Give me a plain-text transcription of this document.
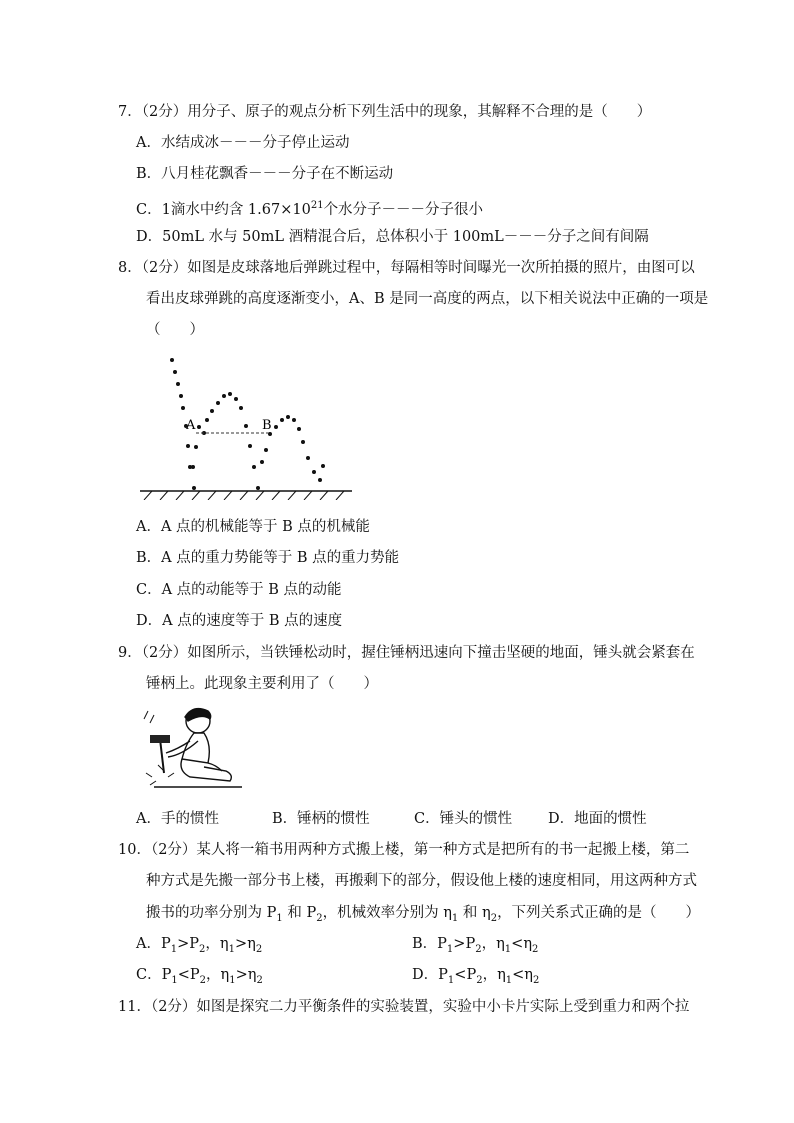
7．（2分）用分子、原子的观点分析下列生活中的现象，其解释不合理的是（　　）
A．水结成冰－－－分子停止运动
B．八月桂花飘香－－－分子在不断运动
C．1滴水中约含 $1.67\times 10^{21}$个水分子－－－分子很小
D．50mL 水与 50mL 酒精混合后，总体积小于 100mL－－－分子之间有间隔
8．（2分）如图是皮球落地后弹跳过程中，每隔相等时间曝光一次所拍摄的照片，由图可以
看出皮球弹跳的高度逐渐变小，A、B 是同一高度的两点，以下相关说法中正确的一项是
（　　）
A	B
A．A 点的机械能等于 B 点的机械能
B．A 点的重力势能等于 B 点的重力势能
C．A 点的动能等于 B 点的动能
D．A 点的速度等于 B 点的速度
9．（2分）如图所示，当铁锤松动时，握住锤柄迅速向下撞击坚硬的地面，锤头就会紧套在
锤柄上。此现象主要利用了（　　）
A．手的惯性	B．锤柄的惯性	C．锤头的惯性 D．地面的惯性
10．（2分）某人将一箱书用两种方式搬上楼，第一种方式是把所有的书一起搬上楼，第二
种方式是先搬一部分书上楼，再搬剩下的部分，假设他上楼的速度相同，用这两种方式
搬书的功率分别为 $P_1$ 和 $P_2$，机械效率分别为 $\eta_1$ 和 $\eta_2$，下列关系式正确的是（　　）
A．$P_1>P_2$，$\eta_1>\eta_2$	B．$P_1>P_2$，$\eta_1<\eta_2$
C．$P_1<P_2$，$\eta_1>\eta_2$	D．$P_1<P_2$，$\eta_1<\eta_2$
11．（2分）如图是探究二力平衡条件的实验装置，实验中小卡片实际上受到重力和两个拉
